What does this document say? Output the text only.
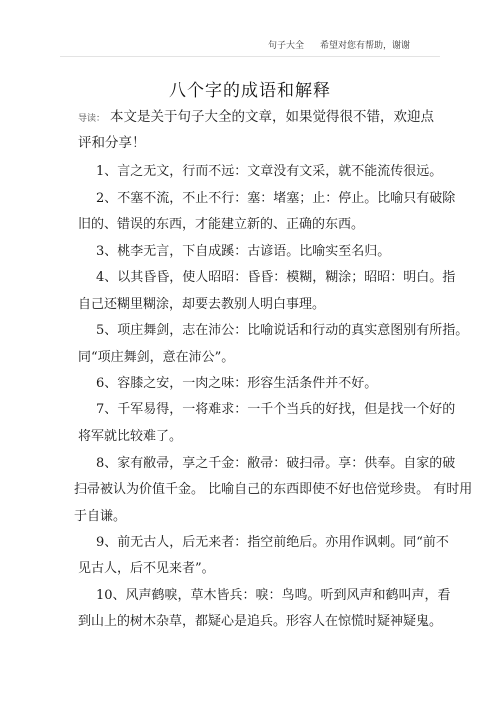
句子大全 希望对您有帮助，谢谢
八个字的成语和解释
导读： 本文是关于句子大全的文章，如果觉得很不错，欢迎点
评和分享！
1、言之无文，行而不远：文章没有文采，就不能流传很远。
2、不塞不流，不止不行：塞：堵塞；止：停止。比喻只有破除
旧的、错误的东西，才能建立新的、正确的东西。
3、桃李无言，下自成蹊：古谚语。比喻实至名归。
4、以其昏昏，使人昭昭：昏昏：模糊，糊涂；昭昭：明白。指
自己还糊里糊涂，却要去教别人明白事理。
5、项庄舞剑，志在沛公：比喻说话和行动的真实意图别有所指。
同“项庄舞剑，意在沛公”。
6、容膝之安，一肉之味：形容生活条件并不好。
7、千军易得，一将难求：一千个当兵的好找，但是找一个好的
将军就比较难了。
8、家有敝帚，享之千金：敝帚：破扫帚。享：供奉。自家的破
扫帚被认为价值千金。 比喻自己的东西即使不好也倍觉珍贵。 有时用
于自谦。
9、前无古人，后无来者：指空前绝后。亦用作讽刺。同“前不
见古人，后不见来者”。
10、风声鹤唳，草木皆兵：唳：鸟鸣。听到风声和鹤叫声，看
到山上的树木杂草，都疑心是追兵。形容人在惊慌时疑神疑鬼。
